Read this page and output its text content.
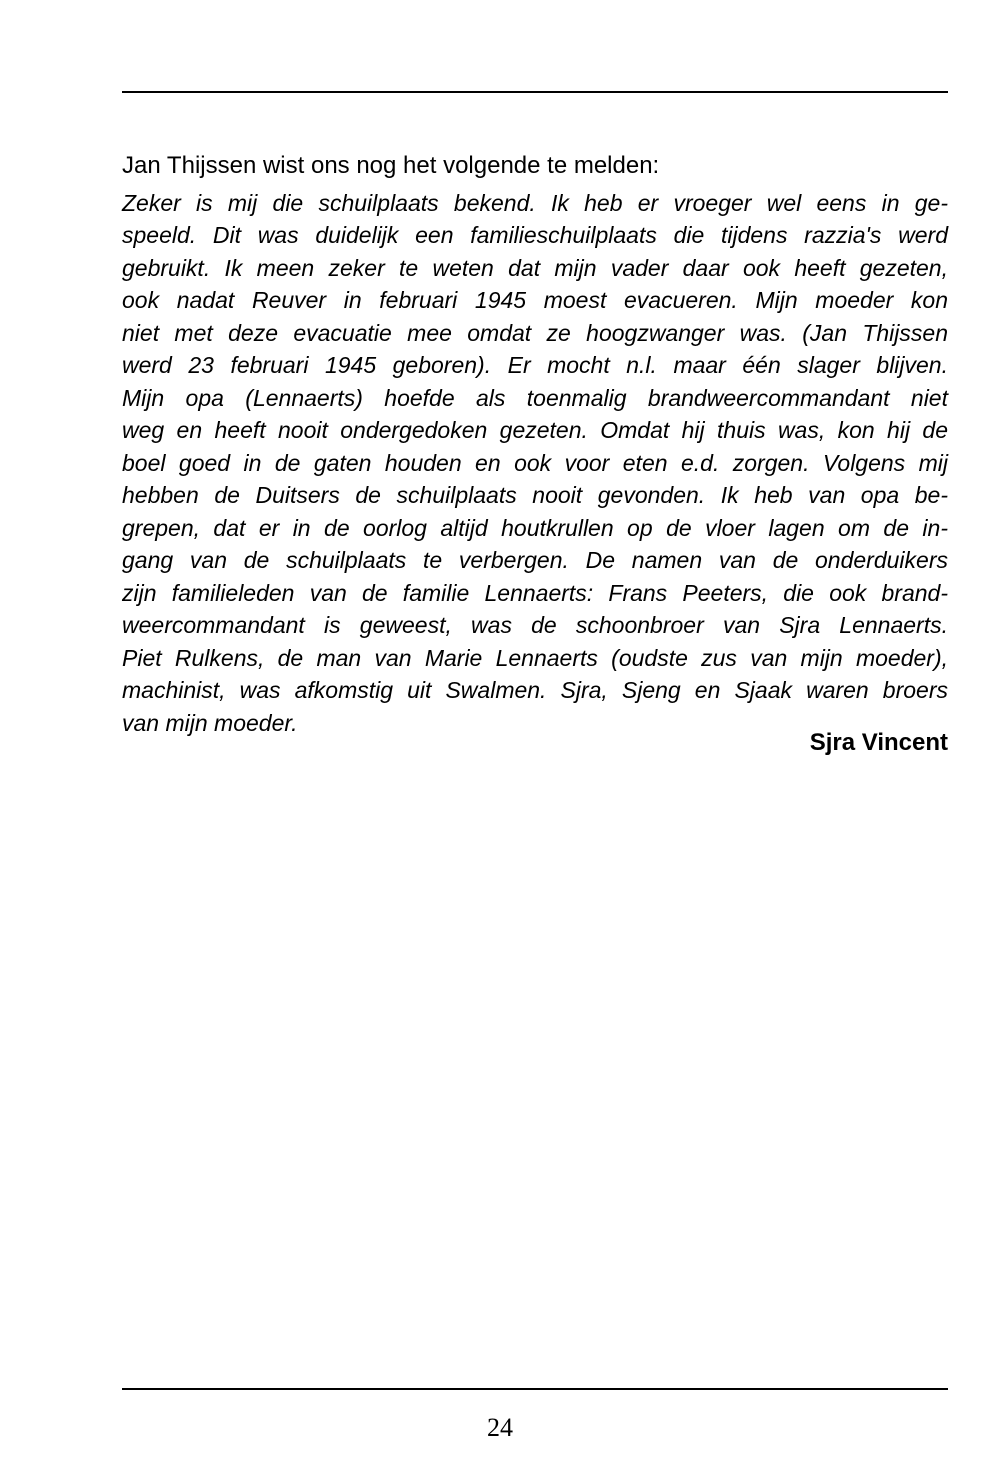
Jan Thijssen wist ons nog het volgende te melden:

Zeker is mij die schuilplaats bekend. Ik heb er vroeger wel eens in ge-
speeld. Dit was duidelijk een familieschuilplaats die tijdens razzia's werd
gebruikt. Ik meen zeker te weten dat mijn vader daar ook heeft gezeten,
ook nadat Reuver in februari 1945 moest evacueren. Mijn moeder kon
niet met deze evacuatie mee omdat ze hoogzwanger was. (Jan Thijssen
werd 23 februari 1945 geboren). Er mocht n.l. maar één slager blijven.
Mijn opa (Lennaerts) hoefde als toenmalig brandweercommandant niet
weg en heeft nooit ondergedoken gezeten. Omdat hij thuis was, kon hij de
boel goed in de gaten houden en ook voor eten e.d. zorgen. Volgens mij
hebben de Duitsers de schuilplaats nooit gevonden. Ik heb van opa be-
grepen, dat er in de oorlog altijd houtkrullen op de vloer lagen om de in-
gang van de schuilplaats te verbergen. De namen van de onderduikers
zijn familieleden van de familie Lennaerts: Frans Peeters, die ook brand-
weercommandant is geweest, was de schoonbroer van Sjra Lennaerts.
Piet Rulkens, de man van Marie Lennaerts (oudste zus van mijn moeder),
machinist, was afkomstig uit Swalmen. Sjra, Sjeng en Sjaak waren broers
van mijn moeder.

Sjra Vincent

24
